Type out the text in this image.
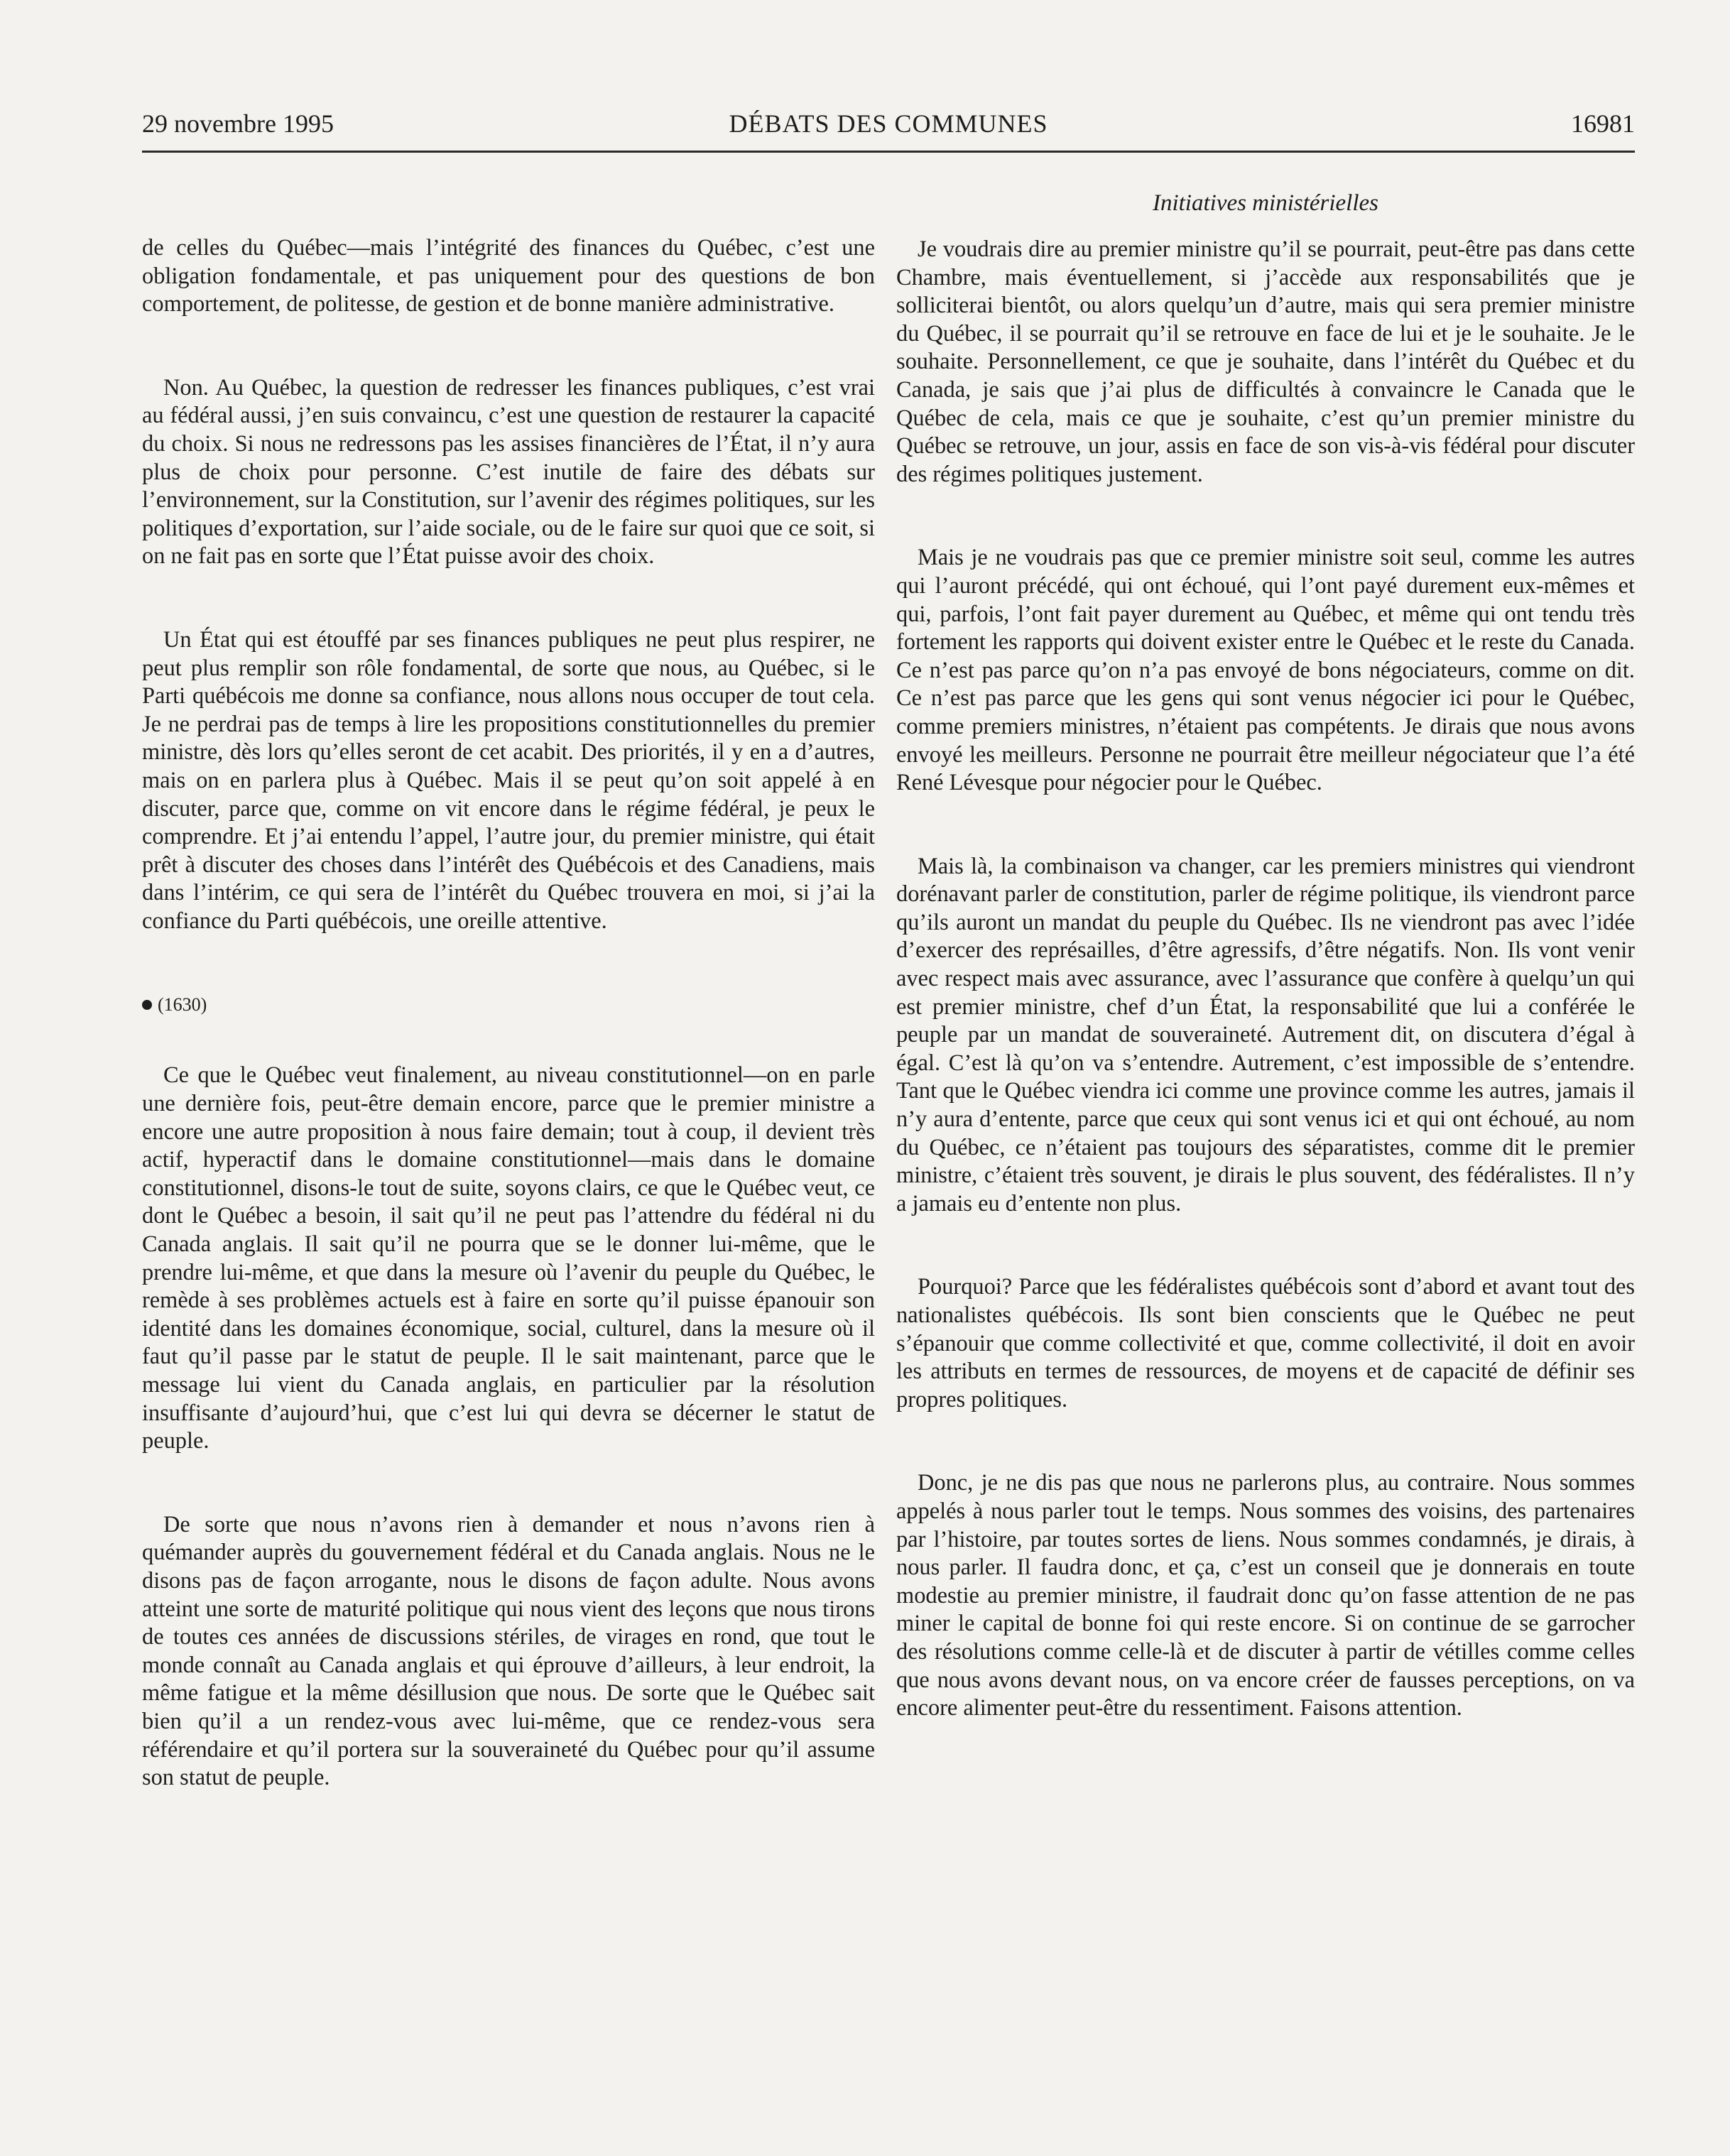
29 novembre 1995	DÉBATS DES COMMUNES	16981

de celles du Québec—mais l’intégrité des finances du Québec, c’est une obligation fondamentale, et pas uniquement pour des questions de bon comportement, de politesse, de gestion et de bonne manière administrative.

Non. Au Québec, la question de redresser les finances publiques, c’est vrai au fédéral aussi, j’en suis convaincu, c’est une question de restaurer la capacité du choix. Si nous ne redressons pas les assises financières de l’État, il n’y aura plus de choix pour personne. C’est inutile de faire des débats sur l’environnement, sur la Constitution, sur l’avenir des régimes politiques, sur les politiques d’exportation, sur l’aide sociale, ou de le faire sur quoi que ce soit, si on ne fait pas en sorte que l’État puisse avoir des choix.

Un État qui est étouffé par ses finances publiques ne peut plus respirer, ne peut plus remplir son rôle fondamental, de sorte que nous, au Québec, si le Parti québécois me donne sa confiance, nous allons nous occuper de tout cela. Je ne perdrai pas de temps à lire les propositions constitutionnelles du premier ministre, dès lors qu’elles seront de cet acabit. Des priorités, il y en a d’autres, mais on en parlera plus à Québec. Mais il se peut qu’on soit appelé à en discuter, parce que, comme on vit encore dans le régime fédéral, je peux le comprendre. Et j’ai entendu l’appel, l’autre jour, du premier ministre, qui était prêt à discuter des choses dans l’intérêt des Québécois et des Canadiens, mais dans l’intérim, ce qui sera de l’intérêt du Québec trouvera en moi, si j’ai la confiance du Parti québécois, une oreille attentive.

(1630)

Ce que le Québec veut finalement, au niveau constitutionnel—on en parle une dernière fois, peut-être demain encore, parce que le premier ministre a encore une autre proposition à nous faire demain; tout à coup, il devient très actif, hyperactif dans le domaine constitutionnel—mais dans le domaine constitutionnel, disons-le tout de suite, soyons clairs, ce que le Québec veut, ce dont le Québec a besoin, il sait qu’il ne peut pas l’attendre du fédéral ni du Canada anglais. Il sait qu’il ne pourra que se le donner lui-même, que le prendre lui-même, et que dans la mesure où l’avenir du peuple du Québec, le remède à ses problèmes actuels est à faire en sorte qu’il puisse épanouir son identité dans les domaines économique, social, culturel, dans la mesure où il faut qu’il passe par le statut de peuple. Il le sait maintenant, parce que le message lui vient du Canada anglais, en particulier par la résolution insuffisante d’aujourd’hui, que c’est lui qui devra se décerner le statut de peuple.

De sorte que nous n’avons rien à demander et nous n’avons rien à quémander auprès du gouvernement fédéral et du Canada anglais. Nous ne le disons pas de façon arrogante, nous le disons de façon adulte. Nous avons atteint une sorte de maturité politique qui nous vient des leçons que nous tirons de toutes ces années de discussions stériles, de virages en rond, que tout le monde connaît au Canada anglais et qui éprouve d’ailleurs, à leur endroit, la même fatigue et la même désillusion que nous. De sorte que le Québec sait bien qu’il a un rendez-vous avec lui-même, que ce rendez-vous sera référendaire et qu’il portera sur la souveraineté du Québec pour qu’il assume son statut de peuple.

Initiatives ministérielles

Je voudrais dire au premier ministre qu’il se pourrait, peut-être pas dans cette Chambre, mais éventuellement, si j’accède aux responsabilités que je solliciterai bientôt, ou alors quelqu’un d’autre, mais qui sera premier ministre du Québec, il se pourrait qu’il se retrouve en face de lui et je le souhaite. Je le souhaite. Personnellement, ce que je souhaite, dans l’intérêt du Québec et du Canada, je sais que j’ai plus de difficultés à convaincre le Canada que le Québec de cela, mais ce que je souhaite, c’est qu’un premier ministre du Québec se retrouve, un jour, assis en face de son vis-à-vis fédéral pour discuter des régimes politiques justement.

Mais je ne voudrais pas que ce premier ministre soit seul, comme les autres qui l’auront précédé, qui ont échoué, qui l’ont payé durement eux-mêmes et qui, parfois, l’ont fait payer durement au Québec, et même qui ont tendu très fortement les rapports qui doivent exister entre le Québec et le reste du Canada. Ce n’est pas parce qu’on n’a pas envoyé de bons négociateurs, comme on dit. Ce n’est pas parce que les gens qui sont venus négocier ici pour le Québec, comme premiers ministres, n’étaient pas compétents. Je dirais que nous avons envoyé les meilleurs. Personne ne pourrait être meilleur négociateur que l’a été René Lévesque pour négocier pour le Québec.

Mais là, la combinaison va changer, car les premiers ministres qui viendront dorénavant parler de constitution, parler de régime politique, ils viendront parce qu’ils auront un mandat du peuple du Québec. Ils ne viendront pas avec l’idée d’exercer des représailles, d’être agressifs, d’être négatifs. Non. Ils vont venir avec respect mais avec assurance, avec l’assurance que confère à quelqu’un qui est premier ministre, chef d’un État, la responsabilité que lui a conférée le peuple par un mandat de souveraineté. Autrement dit, on discutera d’égal à égal. C’est là qu’on va s’entendre. Autrement, c’est impossible de s’entendre. Tant que le Québec viendra ici comme une province comme les autres, jamais il n’y aura d’entente, parce que ceux qui sont venus ici et qui ont échoué, au nom du Québec, ce n’étaient pas toujours des séparatistes, comme dit le premier ministre, c’étaient très souvent, je dirais le plus souvent, des fédéralistes. Il n’y a jamais eu d’entente non plus.

Pourquoi? Parce que les fédéralistes québécois sont d’abord et avant tout des nationalistes québécois. Ils sont bien conscients que le Québec ne peut s’épanouir que comme collectivité et que, comme collectivité, il doit en avoir les attributs en termes de ressources, de moyens et de capacité de définir ses propres politiques.

Donc, je ne dis pas que nous ne parlerons plus, au contraire. Nous sommes appelés à nous parler tout le temps. Nous sommes des voisins, des partenaires par l’histoire, par toutes sortes de liens. Nous sommes condamnés, je dirais, à nous parler. Il faudra donc, et ça, c’est un conseil que je donnerais en toute modestie au premier ministre, il faudrait donc qu’on fasse attention de ne pas miner le capital de bonne foi qui reste encore. Si on continue de se garrocher des résolutions comme celle-là et de discuter à partir de vétilles comme celles que nous avons devant nous, on va encore créer de fausses perceptions, on va encore alimenter peut-être du ressentiment. Faisons attention.
